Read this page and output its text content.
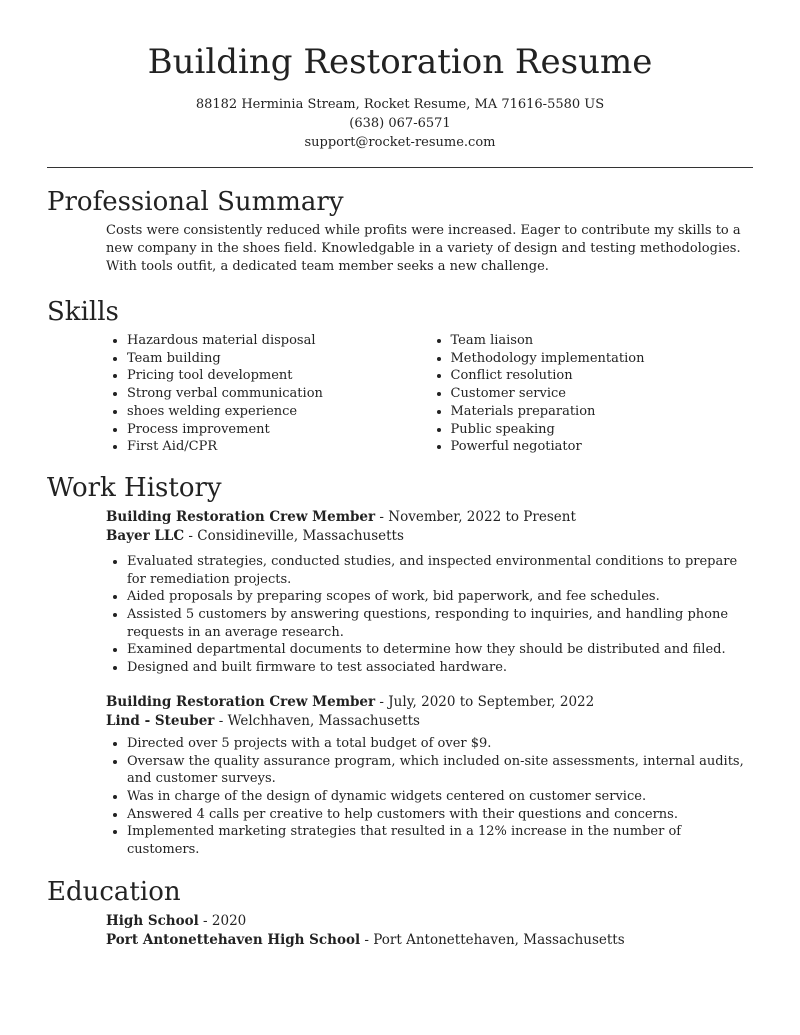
Building Restoration Resume
88182 Herminia Stream, Rocket Resume, MA 71616-5580 US
(638) 067-6571
support@rocket-resume.com
Professional Summary
Costs were consistently reduced while profits were increased. Eager to contribute my skills to a new company in the shoes field. Knowledgable in a variety of design and testing methodologies. With tools outfit, a dedicated team member seeks a new challenge.
Skills
• Hazardous material disposal
• Team building
• Pricing tool development
• Strong verbal communication
• shoes welding experience
• Process improvement
• First Aid/CPR
• Team liaison
• Methodology implementation
• Conflict resolution
• Customer service
• Materials preparation
• Public speaking
• Powerful negotiator
Work History
Building Restoration Crew Member - November, 2022 to Present
Bayer LLC - Considineville, Massachusetts
• Evaluated strategies, conducted studies, and inspected environmental conditions to prepare for remediation projects.
• Aided proposals by preparing scopes of work, bid paperwork, and fee schedules.
• Assisted 5 customers by answering questions, responding to inquiries, and handling phone requests in an average research.
• Examined departmental documents to determine how they should be distributed and filed.
• Designed and built firmware to test associated hardware.
Building Restoration Crew Member - July, 2020 to September, 2022
Lind - Steuber - Welchhaven, Massachusetts
• Directed over 5 projects with a total budget of over $9.
• Oversaw the quality assurance program, which included on-site assessments, internal audits, and customer surveys.
• Was in charge of the design of dynamic widgets centered on customer service.
• Answered 4 calls per creative to help customers with their questions and concerns.
• Implemented marketing strategies that resulted in a 12% increase in the number of customers.
Education
High School - 2020
Port Antonettehaven High School - Port Antonettehaven, Massachusetts
